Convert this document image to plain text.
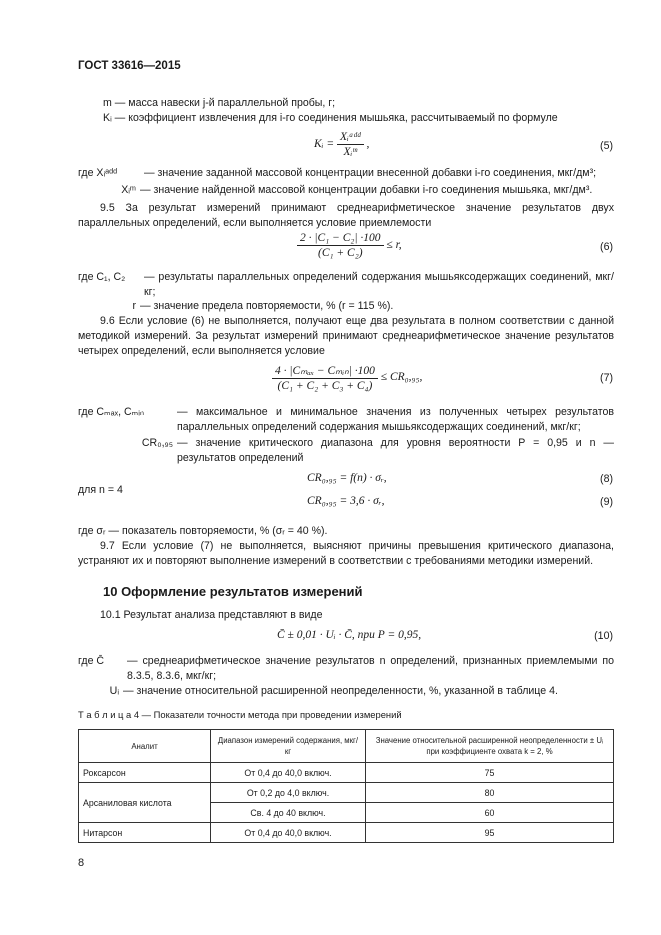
ГОСТ 33616—2015
m — масса навески j-й параллельной пробы, г;
Kᵢ — коэффициент извлечения для i-го соединения мышьяка, рассчитываемый по формуле
Kᵢ = $\frac{\text{Xᵢᵃᵈᵈ}}{\text{Xᵢᵐ}}$ ,	(5)
где Xᵢᵃᵈᵈ	— значение заданной массовой концентрации внесенной добавки i-го соединения, мкг/дм³;
Xᵢᵐ — значение найденной массовой концентрации добавки i-го соединения мышьяка, мкг/дм³.
9.5 За результат измерений принимают среднеарифметическое значение результатов двух параллельных определений, если выполняется условие приемлемости
$\frac{\text{2 · |C₁ − C₂| ·100}}{\text{(C₁ + C₂)}} \le r$,	(6)
где C₁, C₂	— результаты параллельных определений содержания мышьяксодержащих соединений, мкг/кг;
r — значение предела повторяемости, % (r = 115 %).
9.6 Если условие (6) не выполняется, получают еще два результата в полном соответствии с данной методикой измерений. За результат измерений принимают среднеарифметическое значение результатов четырех определений, если выполняется условие
$\frac{\text{4 · |Cₘₐₓ − Cₘᵢₙ| ·100}}{\text{(C₁ + C₂ + C₃ + C₄)}} \le CR_0,_{95}$,	(7)
где Cₘₐₓ, Cₘᵢₙ	— максимальное и минимальное значения из полученных четырех результатов параллельных определений содержания мышьяксодержащих соединений, мкг/кг;
CR₀,₉₅ — значение критического диапазона для уровня вероятности P = 0,95 и n — результатов определений
CR₀,₉₅ = f(n) · σᵣ,	(8)
для n = 4
CR₀,₉₅ = 3,6 · σᵣ,	(9)
где σᵣ — показатель повторяемости, % (σᵣ = 40 %).
9.7 Если условие (7) не выполняется, выясняют причины превышения критического диапазона, устраняют их и повторяют выполнение измерений в соответствии с требованиями методики измерений.
10 Оформление результатов измерений
10.1 Результат анализа представляют в виде
C̄ ± 0,01 · Uᵢ · C̄, при P = 0,95,	(10)
где C̄	— среднеарифметическое значение результатов n определений, признанных приемлемыми по 8.3.5, 8.3.6, мкг/кг;
Uᵢ — значение относительной расширенной неопределенности, %, указанной в таблице 4.
Т а б л и ц а 4 — Показатели точности метода при проведении измерений
Аналит	Диапазон измерений содержания, мкг/кг	Значение относительной расширенной неопределенности ± Uᵢ при коэффициенте охвата k = 2, %
Роксарсон	От 0,4 до 40,0 включ.	75
Арсаниловая кислота	От 0,2 до 4,0 включ.	80
	Св. 4 до 40 включ.	60
Нитарсон	От 0,4 до 40,0 включ.	95
8
